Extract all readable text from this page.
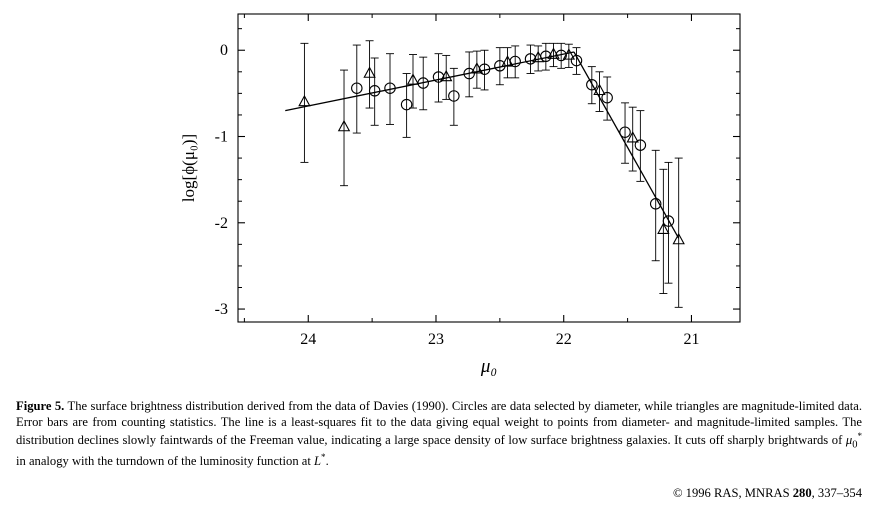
24	23	22	21
0
-1
-2
-3
μ₀
log[ϕ(μ₀)]
Figure 5. The surface brightness distribution derived from the data of Davies (1990). Circles are data selected by diameter, while triangles are magnitude-limited data. Error bars are from counting statistics. The line is a least-squares fit to the data giving equal weight to points from diameter- and magnitude-limited samples. The distribution declines slowly faintwards of the Freeman value, indicating a large space density of low surface brightness galaxies. It cuts off sharply brightwards of $\mu_0^*$ in analogy with the turndown of the luminosity function at L*.
© 1996 RAS, MNRAS 280, 337–354
